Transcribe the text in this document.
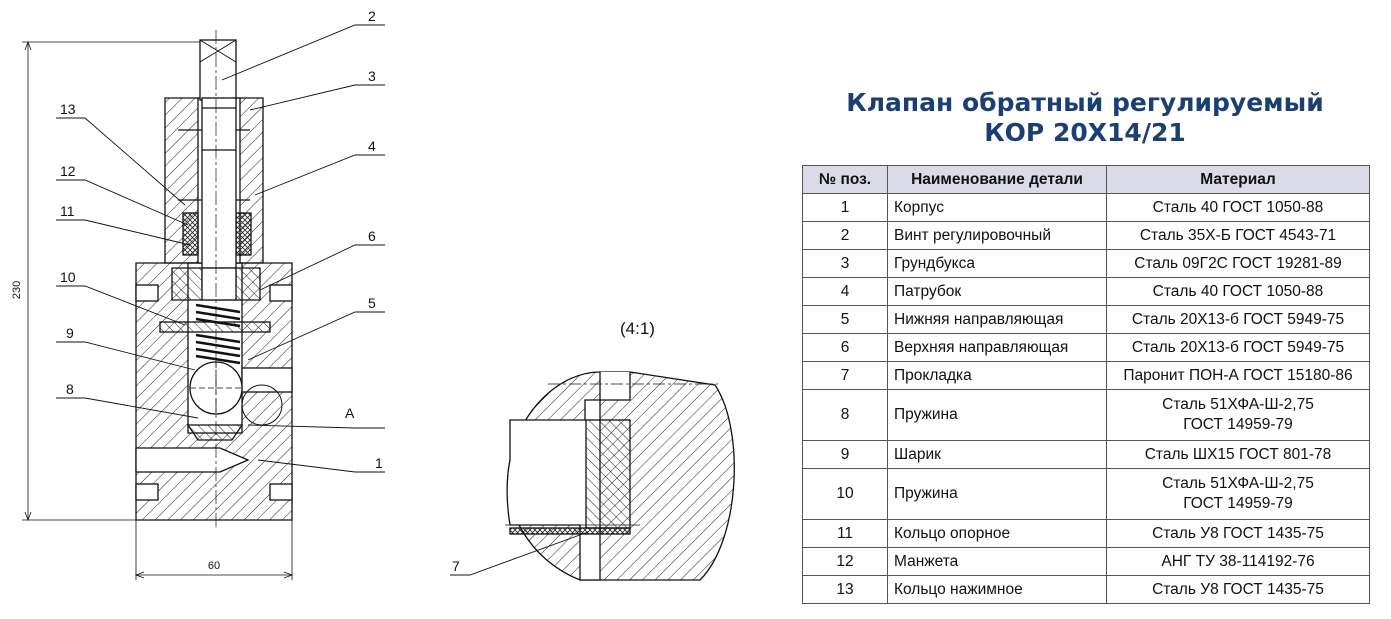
230
60
2
3
4
6
5
А
1
13
12
11
10
9
8
(4:1)
7
Клапан обратный регулируемый
КОР 20Х14/21
№ поз.	Наименование детали	Материал
1	Корпус	Сталь 40 ГОСТ 1050-88

2	Винт регулировочный	Сталь 35Х-Б ГОСТ 4543-71

3	Грундбукса	Сталь 09Г2С ГОСТ 19281-89

4	Патрубок	Сталь 40 ГОСТ 1050-88

5	Нижняя направляющая	Сталь 20Х13-б ГОСТ 5949-75

6	Верхняя направляющая	Сталь 20Х13-б ГОСТ 5949-75

7	Прокладка	Паронит ПОН-А ГОСТ 15180-86

8	Пружина	Сталь 51ХФА-Ш-2,75
ГОСТ 14959-79

9	Шарик	Сталь ШХ15 ГОСТ 801-78

10	Пружина	Сталь 51ХФА-Ш-2,75
ГОСТ 14959-79

11	Кольцо опорное	Сталь У8 ГОСТ 1435-75

12	Манжета	АНГ ТУ 38-114192-76

13	Кольцо нажимное	Сталь У8 ГОСТ 1435-75
